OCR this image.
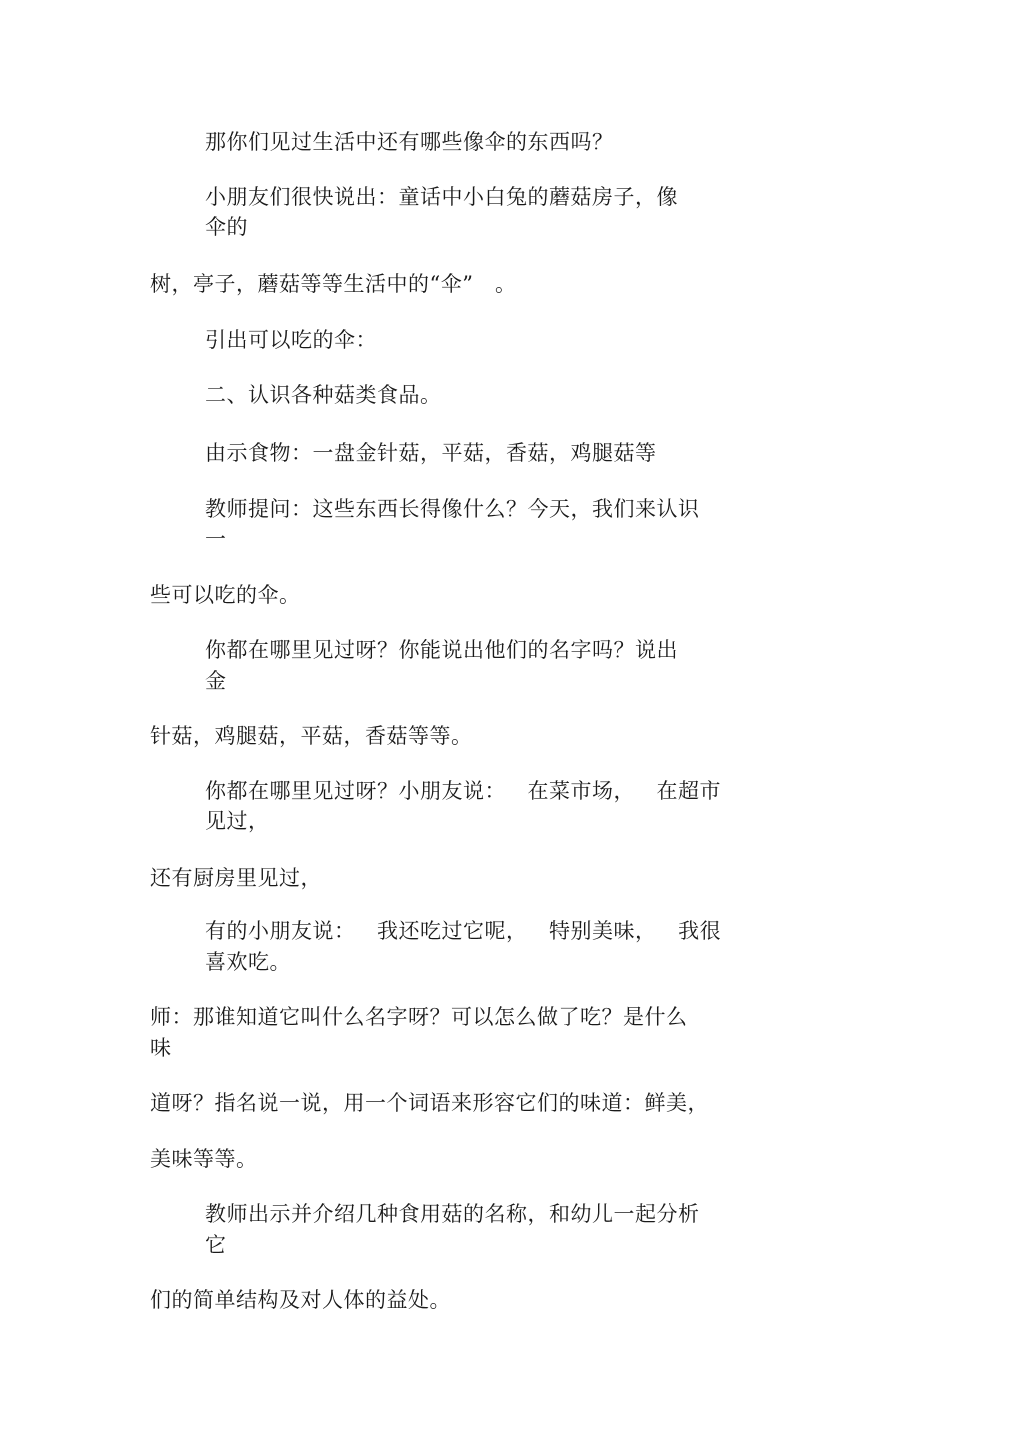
那你们见过生活中还有哪些像伞的东西吗？
小朋友们很快说出：童话中小白兔的蘑菇房子，像
伞的
树，亭子，蘑菇等等生活中的“伞”   。
引出可以吃的伞：
二、认识各种菇类食品。
由示食物：一盘金针菇，平菇，香菇，鸡腿菇等
教师提问：这些东西长得像什么？今天，我们来认识
一
些可以吃的伞。
你都在哪里见过呀？你能说出他们的名字吗？说出
金
针菇，鸡腿菇，平菇，香菇等等。
你都在哪里见过呀？小朋友说：   在菜市场，   在超市
见过，
还有厨房里见过，
有的小朋友说：   我还吃过它呢，   特别美味，   我很
喜欢吃。
师：那谁知道它叫什么名字呀？可以怎么做了吃？是什么
味
道呀？指名说一说，用一个词语来形容它们的味道：鲜美，
美味等等。
教师出示并介绍几种食用菇的名称，和幼儿一起分析
它
们的简单结构及对人体的益处。
